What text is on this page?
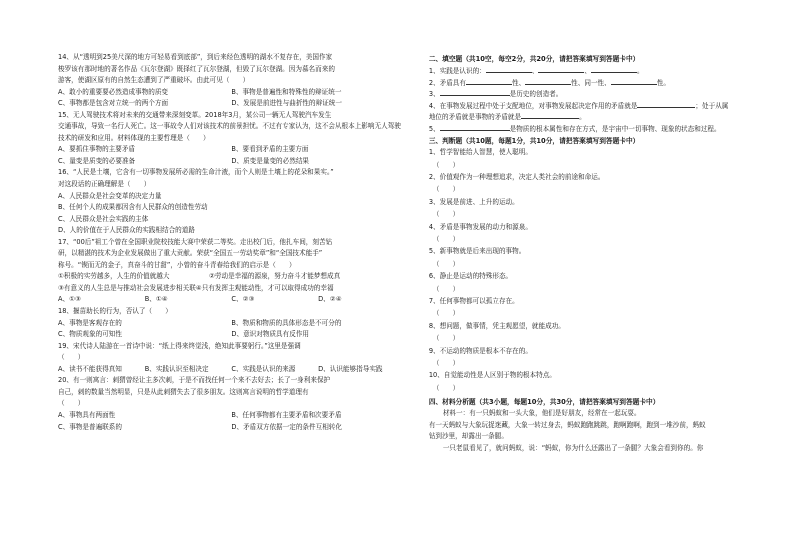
14、从“透明到25美尺深的地方可轻易看到底部”，到后来经色透明的湖水不复存在，美国作家
梭罗该有那时地的著名作品《瓦尔登湖》既择红了瓦尔登湖，但毁了瓦尔登湖。因为慕名而来的
游客，使湖区原有的自然生态遭到了严重破坏。由此可见（　　）
A、敢小的重要要必然造成事物的质变	B、事物是普遍性和特殊性的辩证统一
C、事物都是包含对立统一的两个方面	D、发展是前进性与曲折性的辩证统一
15、无人驾驶技术将对未来的交通带来深刻变革。2018年3月，某公司一辆无人驾驶汽车发生
交通事故，导致一名行人死亡。这一事故令人们对该技术的前景担忧。不过有专家认为，这不会从根本上影响无人驾驶
技术的研发和应用。材料体现的主要哲理是（　　）
A、要抓住事物的主要矛盾	B、要看到矛盾的主要方面
C、量变是质变的必要准备	D、质变是量变的必然结果
16、“人民是土壤，它含有一切事物发展所必需的生命汁液，而个人则是土壤上的花朵和果实。”
对这段话的正确理解是（　　）
A、人民群众是社会变革的决定力量
B、任何个人的成果都因含有人民群众的创造性劳动
C、人民群众是社会实践的主体
D、人的价值在于人民群众的实践相结合的道路
17、“00后”祖工个曾在全国职业院校技能大赛中荣获二等奖。走出校门后，他扎车间，刻苦钻
研，以精湛的技术为企业发展做出了重大贡献。荣获“全国五一劳动奖章”和“全国技术能手”
称号。“锲而无的金子，真奋斗的甘甜”，小曾的奋斗青春给我们的启示是（　　）
①积极的实劳越多，人生的价值就越大　　　　　　②劳动是幸福的源泉，努力奋斗才能梦想成真
③有意义的人生总是与推动社会发展进步相关联④只有发挥主观能动性，才可以取得成功的幸福
A、①③	B、①④	C、②③	D、②④
18、揠苗助长的行为，否认了（　　）
A、事物是客观存在的	B、物质和物质的具体形态是不可分的
C、物质观象的可知性	D、意识对物质具有反作用
19、宋代诗人陆游在一首诗中说：“纸上得来终觉浅，绝知此事要躬行。”这里是强调
（　　）
A、读书不能获得真知	B、实践认识至相决定	C、实践是认识的来源	D、认识能够指导实践
20、有一则寓言：刺猬曾经让主多次刺，于是不而找任何一个来不去好去；长了一身利来保护
自己，刺的数量当然明显，只是从此刺猬失去了很多朋友。这则寓言说明的哲学道理有
（　　）
A、事物具有两面性	B、任何事物都有主要矛盾和次要矛盾
C、事物是普遍联系的	D、矛盾双方依据一定的条件互相转化
二、填空题（共10空，每空2分，共20分，请把答案填写到答题卡中）
1、实践是认识的：	、	、	。
2、矛盾具有	性、	性、同一性、	性。
3、	是历史的创造者。
4、在事物发展过程中处于支配地位，对事物发展起决定作用的矛盾就是	；处于从属
地位的矛盾就是事物的矛盾就是	。
5、	是物质的根本属性和存在方式，是宇宙中一切事物、现象的状态和过程。
三、判断题（共10题，每题1分，共10分，请把答案填写到答题卡中）
1、哲学智能给人智慧，使人聪明。
（　　）
2、价值观作为一种理想追求，决定人类社会的前途和命运。
（　　）
3、发展是前进、上升的运动。
（　　）
4、矛盾是事物发展的动力和源泉。
（　　）
5、新事物就是后来出现的事物。
（　　）
6、静止是运动的特殊形态。
（　　）
7、任何事物都可以孤立存在。
（　　）
8、想问题，做事情，凭主观愿望，就能成功。
（　　）
9、不运动的物质是根本不存在的。
（　　）
10、自觉能动性是人区别于物的根本特点。
（　　）
四、材料分析题（共3小题，每题10分，共30分，请把答案填写到答题卡中）
材料一：有一只蚂蚁和一头大象，他们是好朋友，经常在一起玩耍。
有一天蚂蚁与大象玩捉迷藏，大象一转过身去，蚂蚁跑跑跳跳，跑啊跑啊，跑到一堆沙前，蚂蚁
钻到沙里，却露出一条腿。
一只老鼠看见了，就问蚂蚁，说：“蚂蚁，你为什么还露出了一条腿？大象会看到你的。你
